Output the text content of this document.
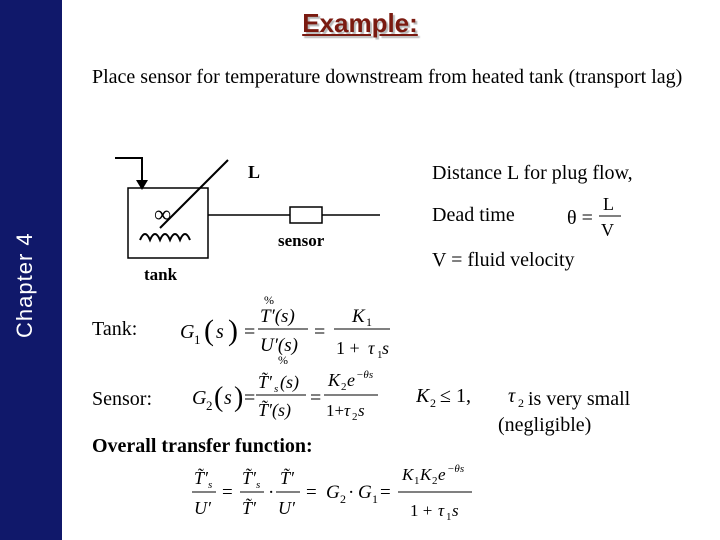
Chapter 4
Example:
Place sensor for temperature downstream from heated tank (transport lag)
∞
L
sensor
tank
Distance L for plug flow,
Dead time	θ =
L
V
V = fluid velocity
Tank: G 1 ( s ) =
%
T′(s)
U′(s)
%
=
K 1
1 + τ 1 s
Sensor: G 2 ( s ) =
T̃′ s (s)
T̃′(s)
=
K 2 e −θs
1+ τ 2 s
K 2 ≤ 1, τ 2 is very small
(negligible)
Overall transfer function:
T̃′ s
U′
=
T̃′ s
T̃′
·
T̃′
U′
= G 2 · G 1 =
K 1 K 2 e −θs
1 + τ 1 s
